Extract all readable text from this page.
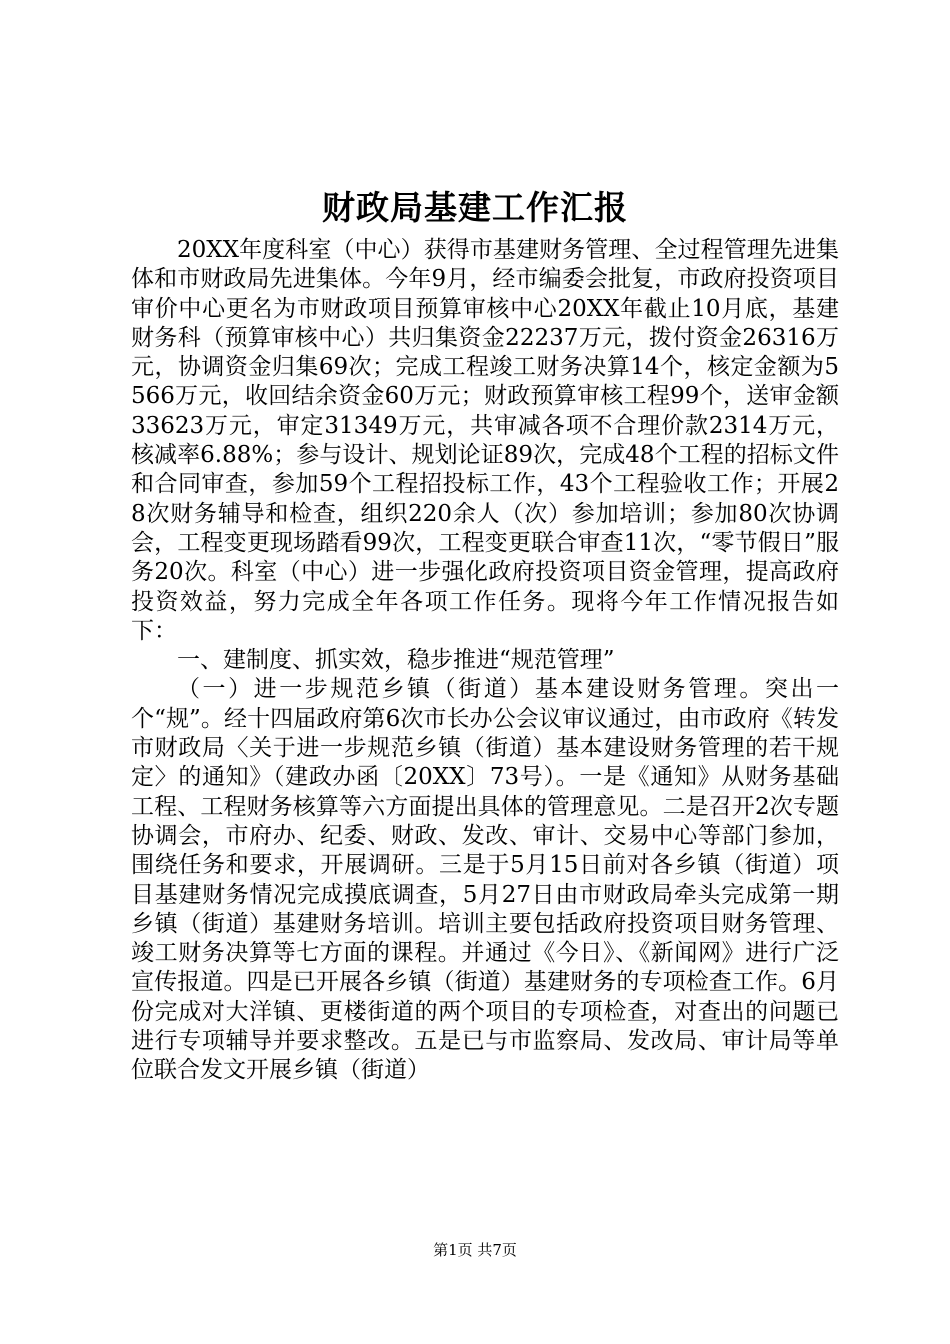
财政局基建工作汇报

20XX年度科室（中心）获得市基建财务管理、全过程管理先进集体和市财政局先进集体。今年9月，经市编委会批复，市政府投资项目审价中心更名为市财政项目预算审核中心20XX年截止10月底，基建财务科（预算审核中心）共归集资金22237万元，拨付资金26316万元，协调资金归集69次；完成工程竣工财务决算14个，核定金额为5566万元，收回结余资金60万元；财政预算审核工程99个，送审金额33623万元，审定31349万元，共审减各项不合理价款2314万元，核减率6.88%；参与设计、规划论证89次，完成48个工程的招标文件和合同审查，参加59个工程招投标工作，43个工程验收工作；开展28次财务辅导和检查，组织220余人（次）参加培训；参加80次协调会，工程变更现场踏看99次，工程变更联合审查11次，“零节假日”服务20次。科室（中心）进一步强化政府投资项目资金管理，提高政府投资效益，努力完成全年各项工作任务。现将今年工作情况报告如下：

一、建制度、抓实效，稳步推进“规范管理”

（一）进一步规范乡镇（街道）基本建设财务管理。突出一个“规”。经十四届政府第6次市长办公会议审议通过，由市政府《转发市财政局〈关于进一步规范乡镇（街道）基本建设财务管理的若干规定〉的通知》（建政办函〔20XX〕73号）。一是《通知》从财务基础工程、工程财务核算等六方面提出具体的管理意见。二是召开2次专题协调会，市府办、纪委、财政、发改、审计、交易中心等部门参加，围绕任务和要求，开展调研。三是于5月15日前对各乡镇（街道）项目基建财务情况完成摸底调查，5月27日由市财政局牵头完成第一期乡镇（街道）基建财务培训。培训主要包括政府投资项目财务管理、竣工财务决算等七方面的课程。并通过《今日》、《新闻网》进行广泛宣传报道。四是已开展各乡镇（街道）基建财务的专项检查工作。6月份完成对大洋镇、更楼街道的两个项目的专项检查，对查出的问题已进行专项辅导并要求整改。五是已与市监察局、发改局、审计局等单位联合发文开展乡镇（街道）

第1页 共7页
